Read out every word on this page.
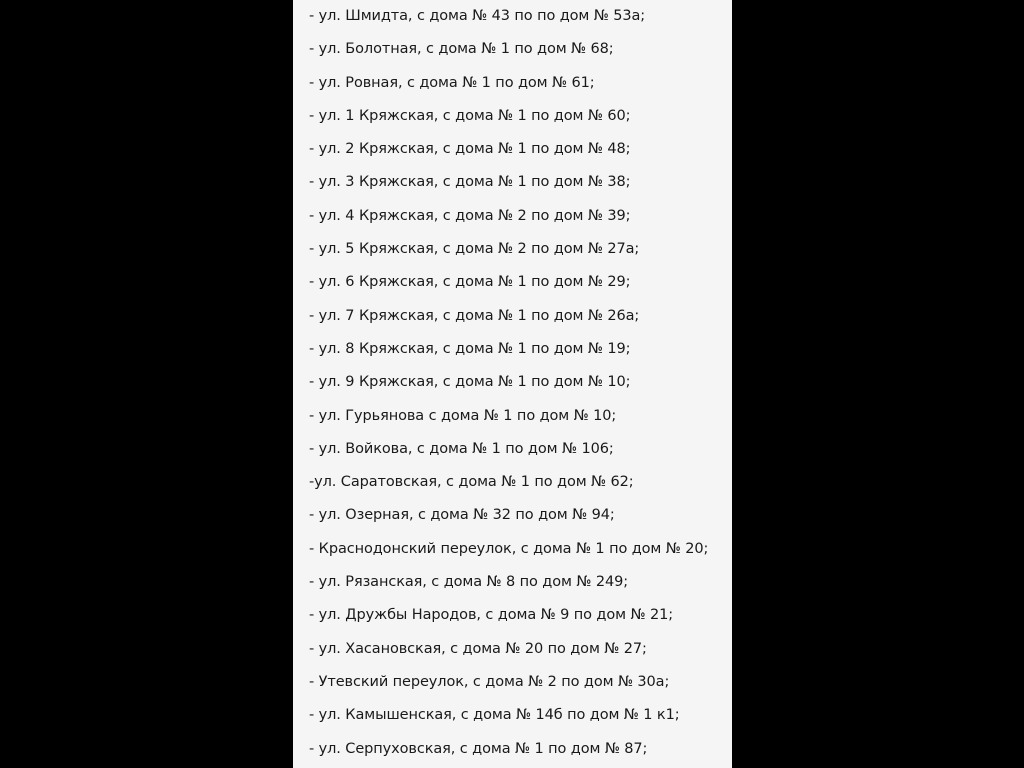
- ул. Шмидта, с дома № 43 по по дом № 53а;
- ул. Болотная, с дома № 1 по дом № 68;
- ул. Ровная, с дома № 1 по дом № 61;
- ул. 1 Кряжская, с дома № 1 по дом № 60;
- ул. 2 Кряжская, с дома № 1 по дом № 48;
- ул. 3 Кряжская, с дома № 1 по дом № 38;
- ул. 4 Кряжская, с дома № 2 по дом № 39;
- ул. 5 Кряжская, с дома № 2 по дом № 27а;
- ул. 6 Кряжская, с дома № 1 по дом № 29;
- ул. 7 Кряжская, с дома № 1 по дом № 26а;
- ул. 8 Кряжская, с дома № 1 по дом № 19;
- ул. 9 Кряжская, с дома № 1 по дом № 10;
- ул. Гурьянова с дома № 1 по дом № 10;
- ул. Войкова, с дома № 1 по дом № 106;
-ул. Саратовская, с дома № 1 по дом № 62;
- ул. Озерная, с дома № 32 по дом № 94;
- Краснодонский переулок, с дома № 1 по дом № 20;
- ул. Рязанская, с дома № 8 по дом № 249;
- ул. Дружбы Народов, с дома № 9 по дом № 21;
- ул. Хасановская, с дома № 20 по дом № 27;
- Утевский переулок, с дома № 2 по дом № 30а;
- ул. Камышенская, с дома № 14б по дом № 1 к1;
- ул. Серпуховская, с дома № 1 по дом № 87;
